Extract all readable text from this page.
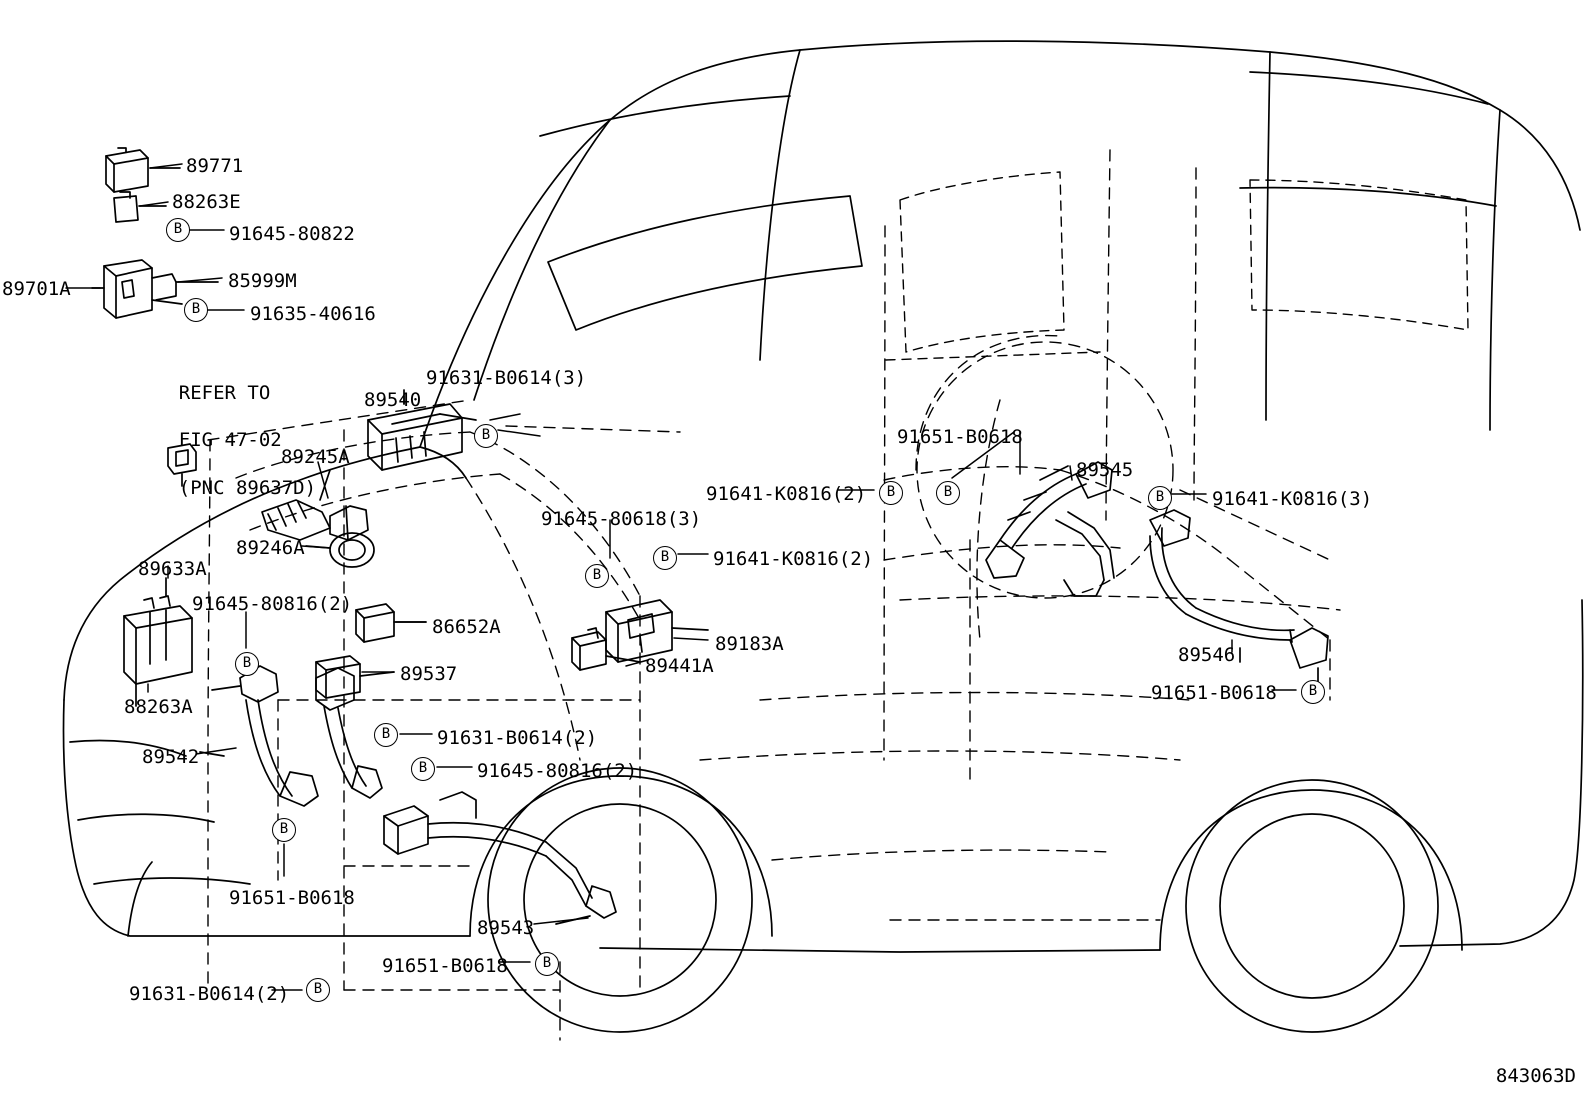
REFER TO

FIG 47-02

(PNC 89637D)

89771
88263E
91645-80822
85999M
89701A
91635-40616
91631-B0614(3)
89540
89245A
91651-B0618
89545
91641-K0816(2)	91641-K0816(3)
91645-80618(3)
89246A	91641-K0816(2)
89633A
91645-80816(2)
86652A
89183A	89546
89537	89441A
88263A
91651-B0618
91631-B0614(2)
89542
91645-80816(2)
91651-B0618
89543
91651-B0618
91631-B0614(2)
B
B
B
B
B	B
B
B
B
B
B
B
B
B
B
843063D
